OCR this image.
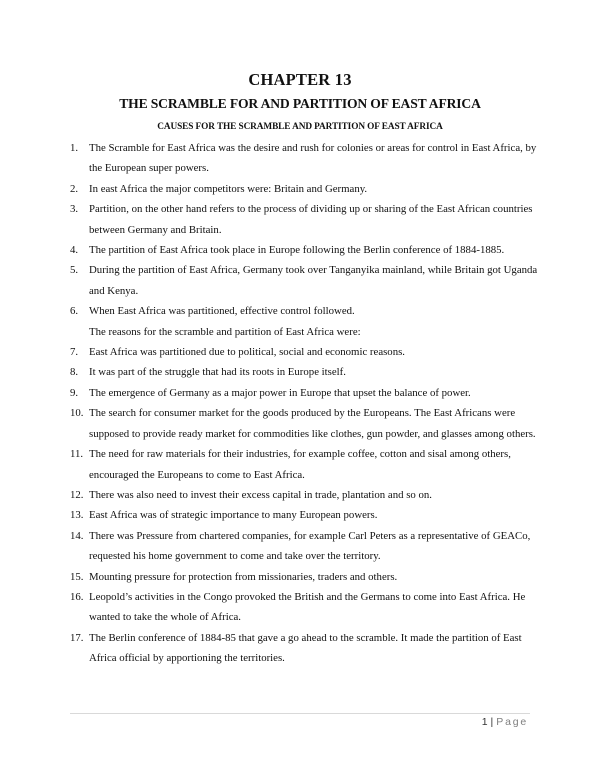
CHAPTER 13
THE SCRAMBLE FOR AND PARTITION OF EAST AFRICA
CAUSES FOR THE SCRAMBLE AND PARTITION OF EAST AFRICA
1. The Scramble for East Africa was the desire and rush for colonies or areas for control in East Africa, by the European super powers.
2. In east Africa the major competitors were: Britain and Germany.
3. Partition, on the other hand refers to the process of dividing up or sharing of the East African countries between Germany and Britain.
4. The partition of East Africa took place in Europe following the Berlin conference of 1884-1885.
5. During the partition of East Africa, Germany took over Tanganyika mainland, while Britain got Uganda and Kenya.
6. When East Africa was partitioned, effective control followed.
The reasons for the scramble and partition of East Africa were:
7. East Africa was partitioned due to political, social and economic reasons.
8. It was part of the struggle that had its roots in Europe itself.
9. The emergence of Germany as a major power in Europe that upset the balance of power.
10. The search for consumer market for the goods produced by the Europeans. The East Africans were supposed to provide ready market for commodities like clothes, gun powder, and glasses among others.
11. The need for raw materials for their industries, for example coffee, cotton and sisal among others, encouraged the Europeans to come to East Africa.
12. There was also need to invest their excess capital in trade, plantation and so on.
13. East Africa was of strategic importance to many European powers.
14. There was Pressure from chartered companies, for example Carl Peters as a representative of GEACo, requested his home government to come and take over the territory.
15. Mounting pressure for protection from missionaries, traders and others.
16. Leopold’s activities in the Congo provoked the British and the Germans to come into East Africa. He wanted to take the whole of Africa.
17. The Berlin conference of 1884-85 that gave a go ahead to the scramble. It made the partition of East Africa official by apportioning the territories.
1 | Page
